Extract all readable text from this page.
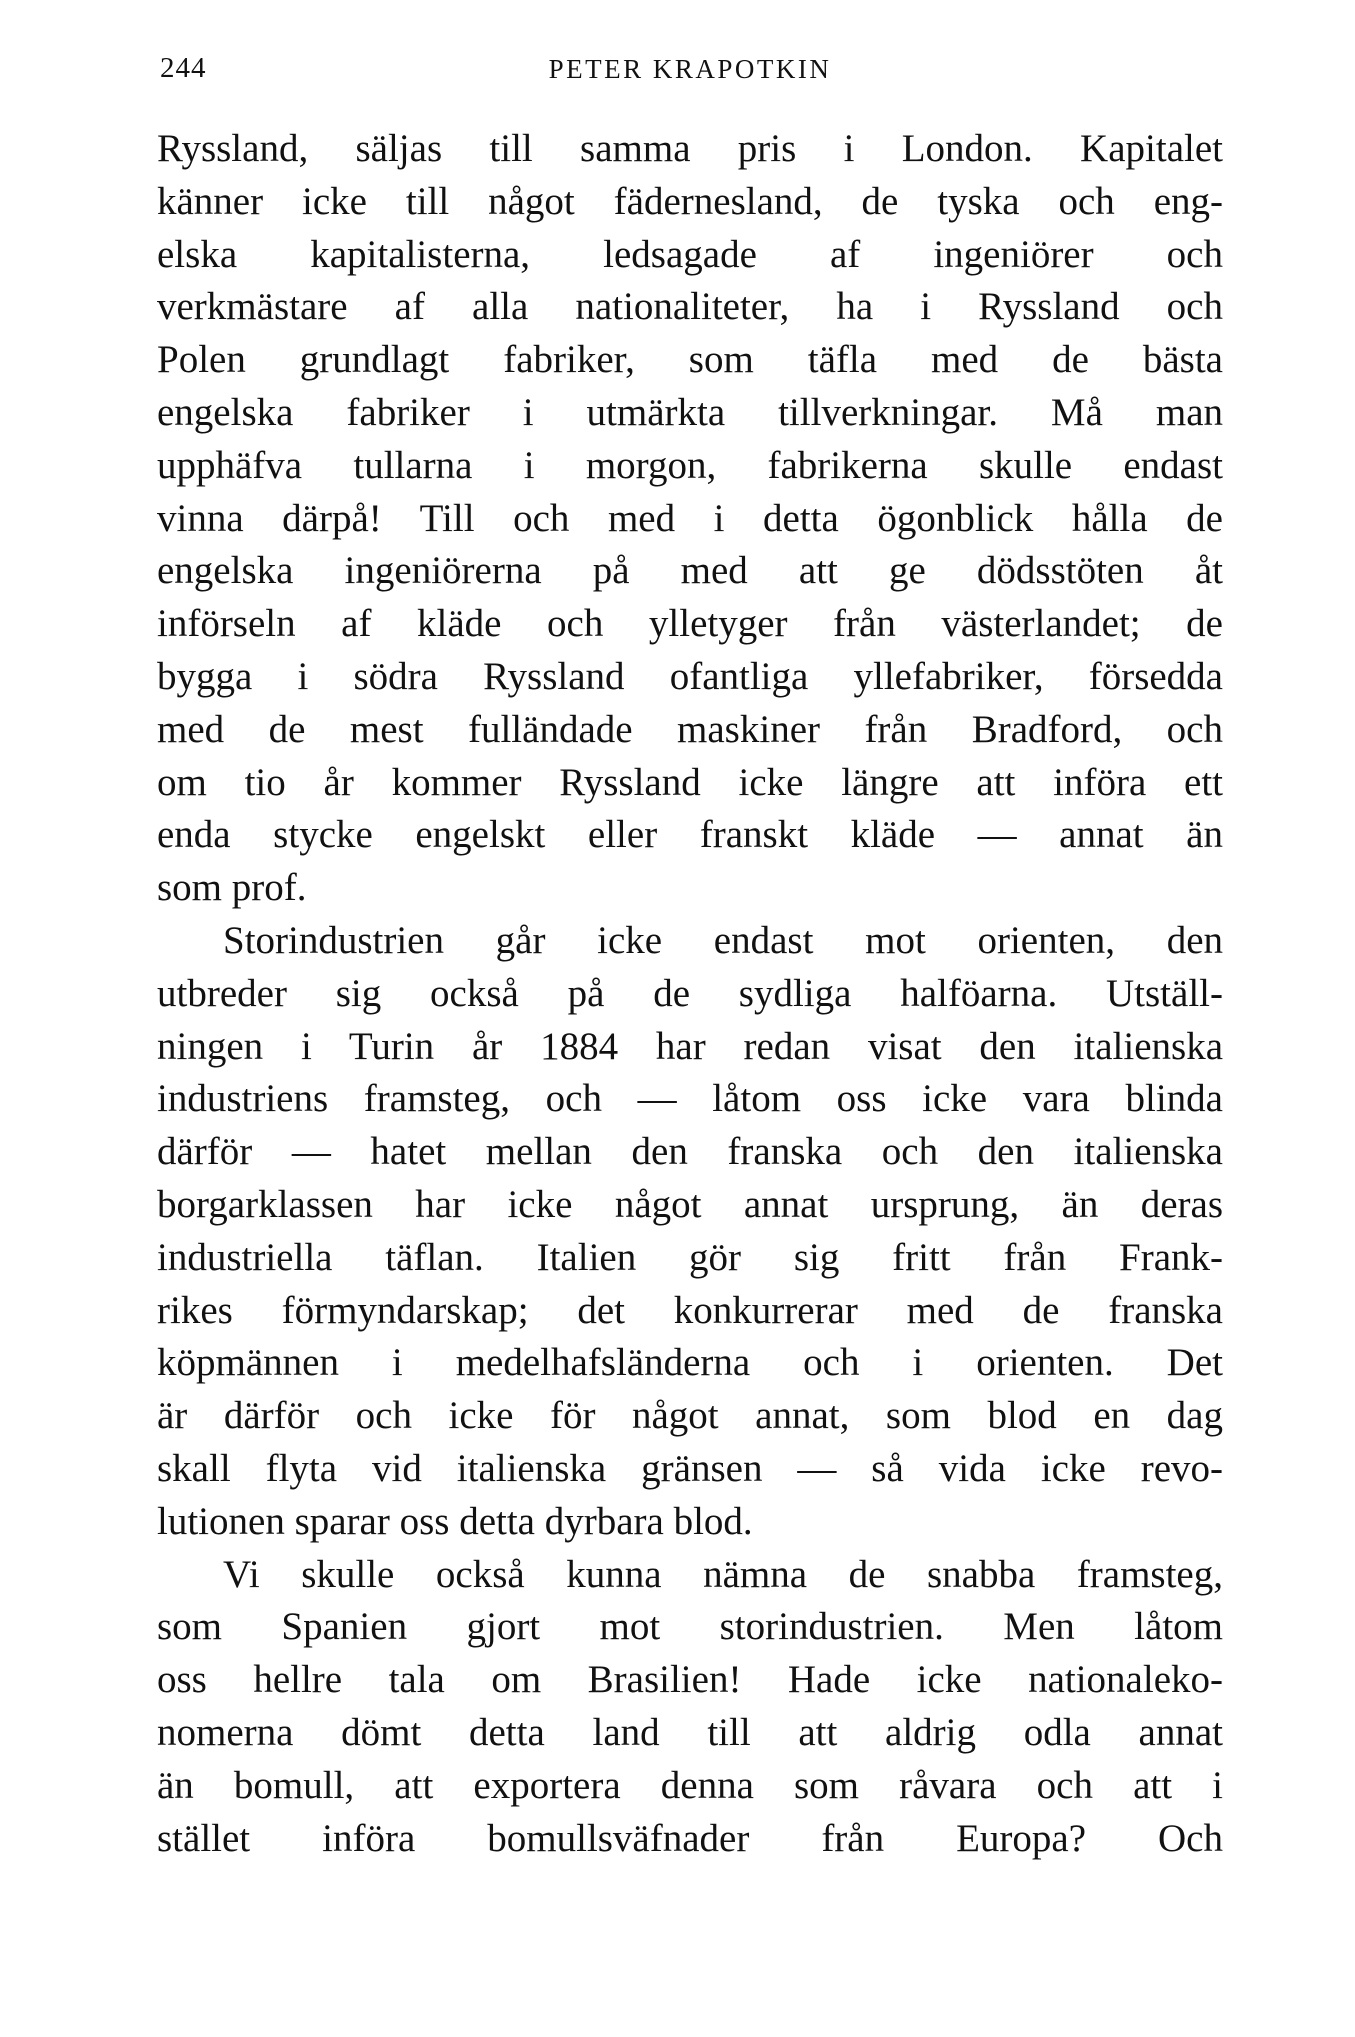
244	PETER KRAPOTKIN
Ryssland, säljas till samma pris i London. Kapitalet
känner icke till något fäderneslаnd, de tyska och eng-
elska kapitalisterna, ledsagade af ingeniörer och
verkmästare af alla nationaliteter, ha i Ryssland och
Polen grundlagt fabriker, som täfla med de bästa
engelska fabriker i utmärkta tillverkningar. Må man
upphäfva tullarna i morgon, fabrikerna skulle endast
vinna därpå! Till och med i detta ögonblick hålla de
engelska ingeniörerna på med att ge dödsstöten åt
införseln af kläde och ylletyger från västerlandet; de
bygga i södra Ryssland ofantliga yllefabriker, försedda
med de mest fulländade maskiner från Bradford, och
om tio år kommer Ryssland icke längre att införa ett
enda stycke engelskt eller franskt kläde — annat än
som prof.
Storindustrien går icke endast mot orienten, den
utbreder sig också på de sydliga halföarna. Utställ-
ningen i Turin år 1884 har redan visat den italienska
industriens framsteg, och — låtom oss icke vara blinda
därför — hatet mellan den franska och den italienska
borgarklassen har icke något annat ursprung, än deras
industriella täflan. Italien gör sig fritt från Frank-
rikes förmyndarskap; det konkurrerar med de franska
köpmännen i medelhafsländerna och i orienten. Det
är därför och icke för något annat, som blod en dag
skall flyta vid italienska gränsen — så vida icke revo-
lutionen sparar oss detta dyrbara blod.
Vi skulle också kunna nämna de snabba framsteg,
som Spanien gjort mot storindustrien. Men låtom
oss hellre tala om Brasilien! Hade icke nationaleko-
nomerna dömt detta land till att aldrig odla annat
än bomull, att exportera denna som råvara och att i
stället införa bomullsväfnader från Europa? Och
